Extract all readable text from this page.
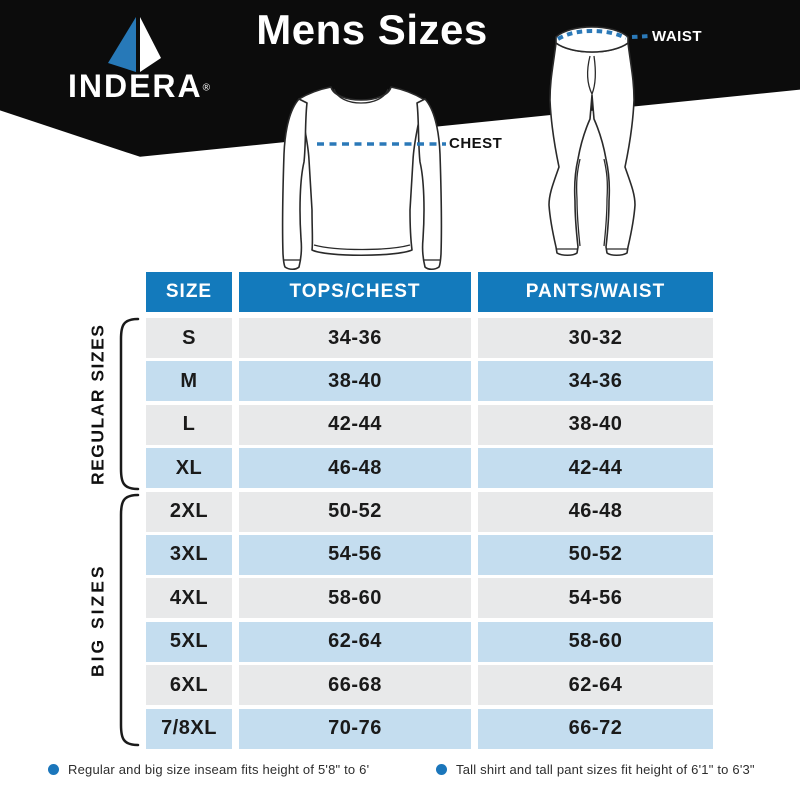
INDERA®
Mens Sizes
CHEST
WAIST
SIZE	TOPS/CHEST	PANTS/WAIST
S	34-36	30-32
M	38-40	34-36
L	42-44	38-40
XL	46-48	42-44
2XL	50-52	46-48
3XL	54-56	50-52
4XL	58-60	54-56
5XL	62-64	58-60
6XL	66-68	62-64
7/8XL	70-76	66-72
REGULAR SIZES
BIG SIZES
Regular and big size inseam fits height of 5'8" to 6'	Tall shirt and tall pant sizes fit height of 6'1" to 6'3"
